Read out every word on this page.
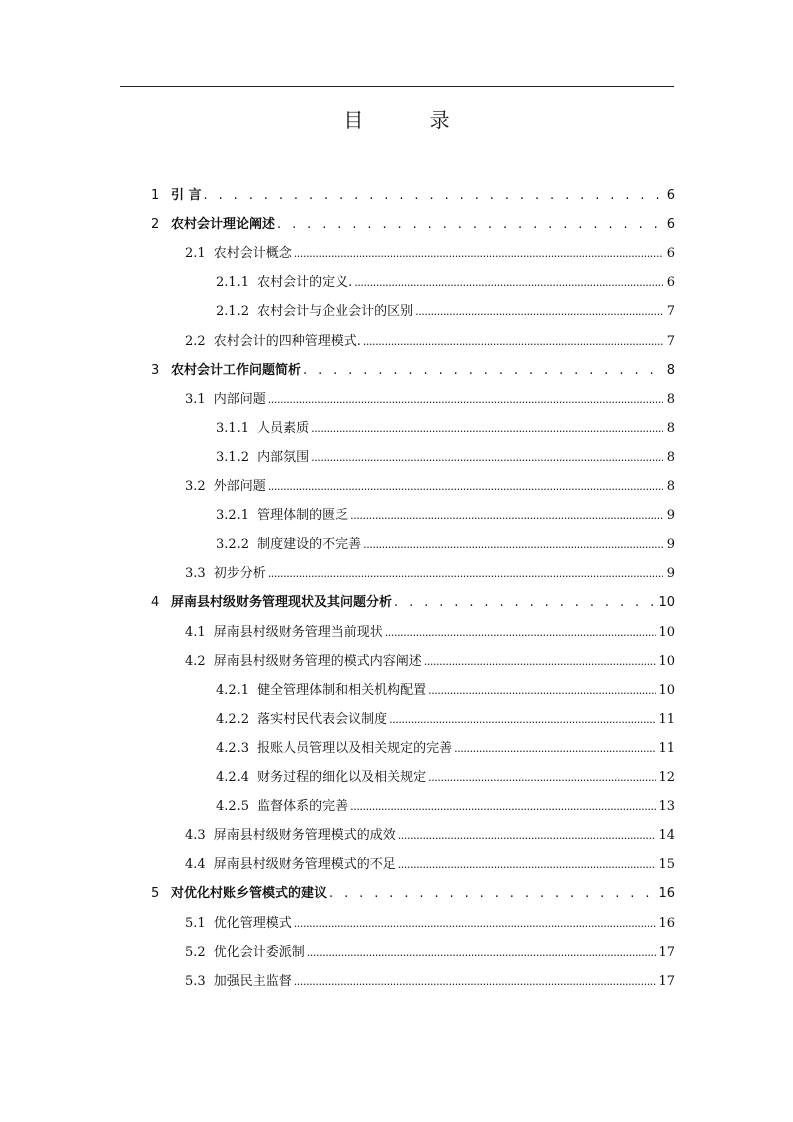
目 录
1 引 言 . . .	6
2 农村会计理论阐述 . . .	6
2.1 农村会计概念 .....	6
2.1.1 农村会计的定义. .....	6
2.1.2 农村会计与企业会计的区别 .....	7
2.2 农村会计的四种管理模式. .....	7
3 农村会计工作问题简析 . . .	8
3.1 内部问题 .....	8
3.1.1 人员素质 .....	8
3.1.2 内部氛围 .....	8
3.2 外部问题 .....	8
3.2.1 管理体制的匮乏 .....	9
3.2.2 制度建设的不完善 .....	9
3.3 初步分析 .....	9
4 屏南县村级财务管理现状及其问题分析 . . .	10
4.1 屏南县村级财务管理当前现状 .....	10
4.2 屏南县村级财务管理的模式内容阐述 .....	10
4.2.1 健全管理体制和相关机构配置 .....	10
4.2.2 落实村民代表会议制度 .....	11
4.2.3 报账人员管理以及相关规定的完善 .....	11
4.2.4 财务过程的细化以及相关规定 .....	12
4.2.5 监督体系的完善 .....	13
4.3 屏南县村级财务管理模式的成效 .....	14
4.4 屏南县村级财务管理模式的不足 .....	15
5 对优化村账乡管模式的建议 . . .	16
5.1 优化管理模式 .....	16
5.2 优化会计委派制 .....	17
5.3 加强民主监督 .....	17
